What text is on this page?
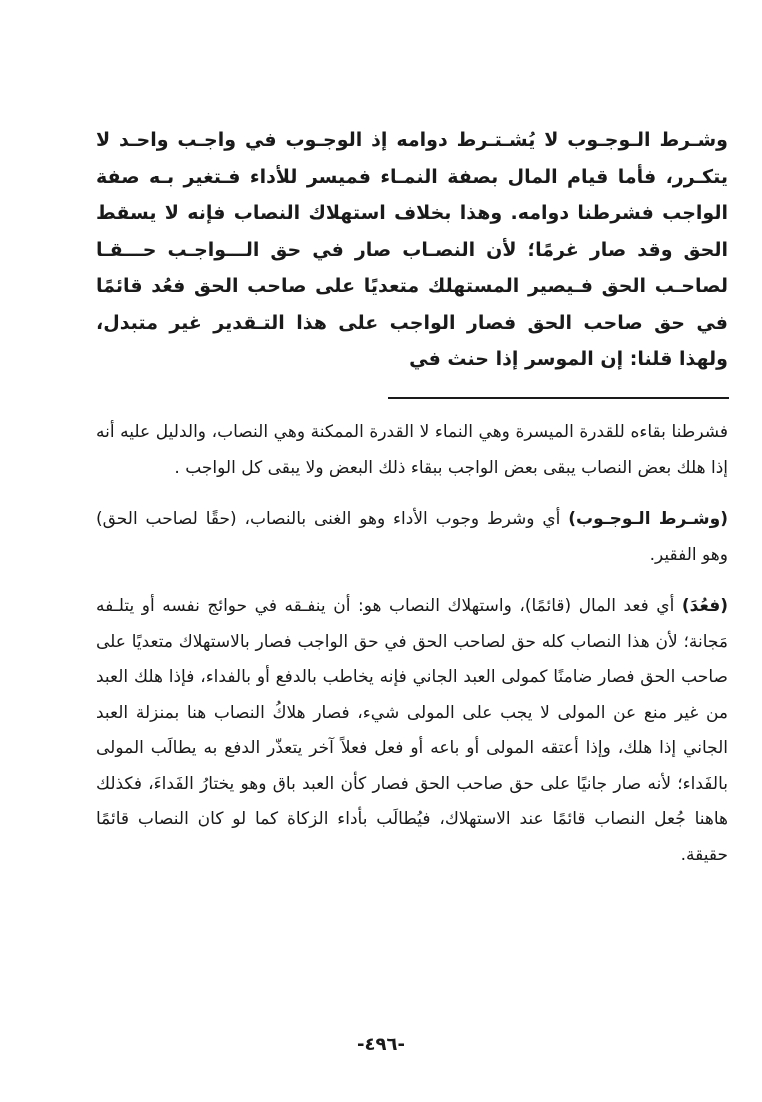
وشـرط الـوجـوب لا يُشـتـرط دوامه إذ الوجـوب في واجـب واحـد لا يتكـرر، فأما قيام المال بصفة النمـاء فميسر للأداء فـتغير بـه صفة الواجب فشرطنا دوامه. وهذا بخلاف استهلاك النصاب فإنه لا يسقط الحق وقد صار غرمًا؛ لأن النصـاب صار في حق الـــواجـب حـــقـا لصاحـب الحق فـيصير المستهلك متعديًا على صاحب الحق فعُد قائمًا في حق صاحب الحق فصار الواجب على هذا التـقدير غير متبدل، ولهذا قلنا: إن الموسر إذا حنث في

فشرطنا بقاءه للقدرة الميسرة وهي النماء لا القدرة الممكنة وهي النصاب، والدليل عليه أنه إذا هلك بعض النصاب يبقى بعض الواجب ببقاء ذلك البعض ولا يبقى كل الواجب .

(وشـرط الـوجـوب) أي وشرط وجوب الأداء وهو الغنى بالنصاب، (حقًا لصاحب الحق) وهو الفقير.

(فعُدَ) أي فعد المال (قائمًا)، واستهلاك النصاب هو: أن ينفـقه في حوائج نفسه أو يتلـفه مَجانة؛ لأن هذا النصاب كله حق لصاحب الحق في حق الواجب فصار بالاستهلاك متعديًا على صاحب الحق فصار ضامنًا كمولى العبد الجاني فإنه يخاطب بالدفع أو بالفداء، فإذا هلك العبد من غير منع عن المولى لا يجب على المولى شيء، فصار هلاكُ النصاب هنا بمنزلة العبد الجاني إذا هلك، وإذا أعتقه المولى أو باعه أو فعل فعلاً آخر يتعذّر الدفع به يطالَب المولى بالفَداء؛ لأنه صار جانيًا على حق صاحب الحق فصار كأن العبد باق وهو يختارُ الفَداءَ، فكذلك هاهنا جُعل النصاب قائمًا عند الاستهلاك، فيُطالَب بأداء الزكاة كما لو كان النصاب قائمًا حقيقة.

-٤٩٦-
